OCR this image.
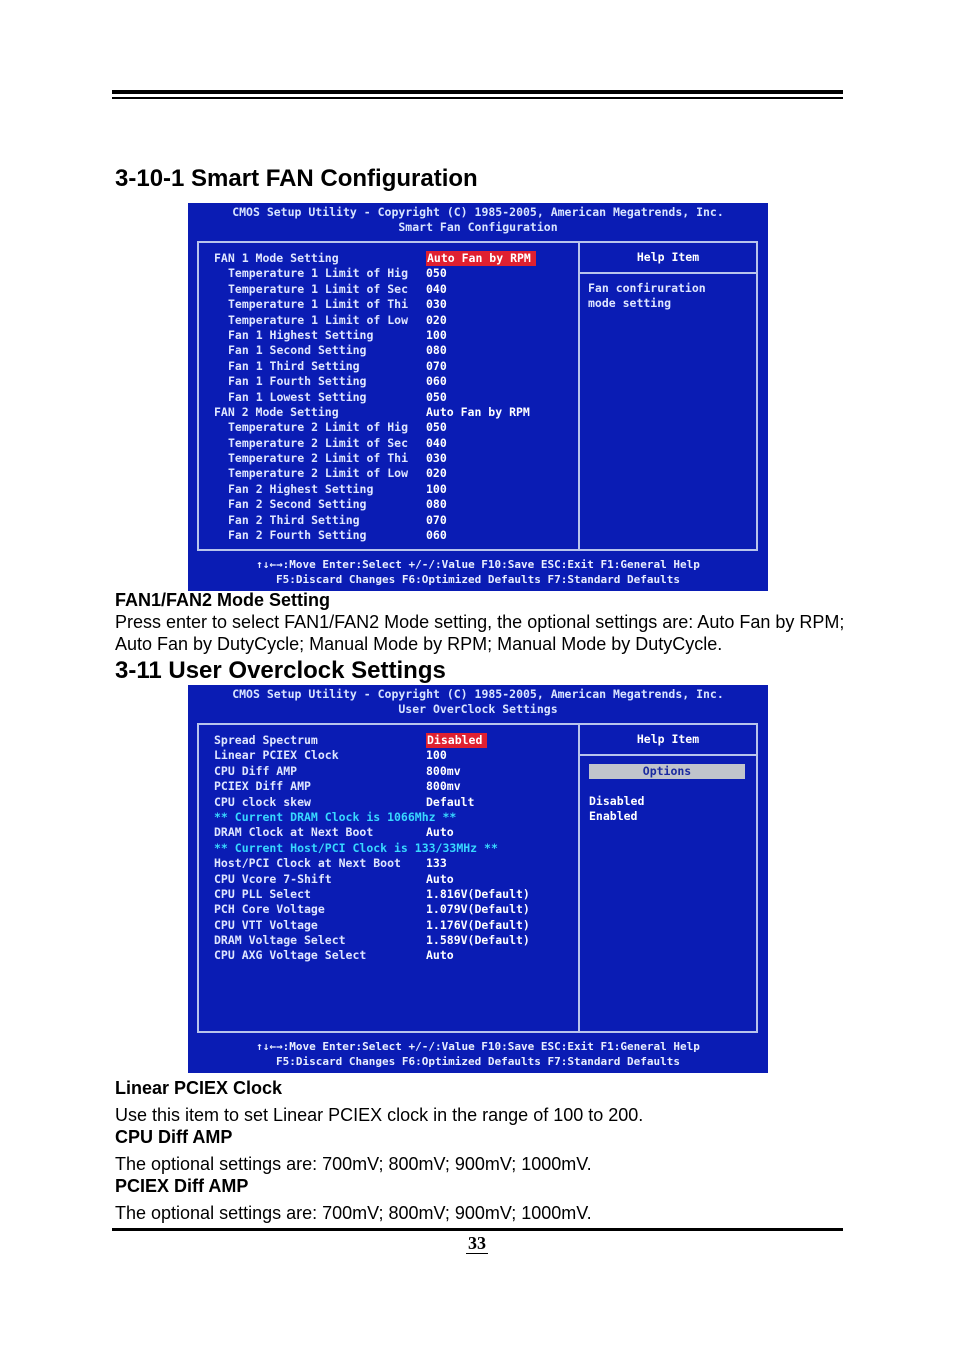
3-10-1 Smart FAN Configuration
CMOS Setup Utility - Copyright (C) 1985-2005, American Megatrends, Inc.
Smart Fan Configuration
Help Item
Fan confiruration
mode setting
FAN 1 Mode Setting	Auto Fan by RPM
Temperature 1 Limit of Hig 050
Temperature 1 Limit of Sec 040
Temperature 1 Limit of Thi 030
Temperature 1 Limit of Low 020
Fan 1 Highest Setting	100
Fan 1 Second Setting	080
Fan 1 Third Setting	070
Fan 1 Fourth Setting	060
Fan 1 Lowest Setting	050
FAN 2 Mode Setting	Auto Fan by RPM
Temperature 2 Limit of Hig 050
Temperature 2 Limit of Sec 040
Temperature 2 Limit of Thi 030
Temperature 2 Limit of Low 020
Fan 2 Highest Setting	100
Fan 2 Second Setting	080
Fan 2 Third Setting	070
Fan 2 Fourth Setting	060
↑↓←→:Move Enter:Select +/-/:Value F10:Save ESC:Exit F1:General Help
F5:Discard Changes F6:Optimized Defaults F7:Standard Defaults
FAN1/FAN2 Mode Setting

Press enter to select FAN1/FAN2 Mode setting, the optional settings are: Auto Fan by RPM; Auto Fan by DutyCycle; Manual Mode by RPM; Manual Mode by DutyCycle.

3-11 User Overclock Settings
CMOS Setup Utility - Copyright (C) 1985-2005, American Megatrends, Inc.
User OverClock Settings
Help Item
Options
Disabled
Enabled
Spread Spectrum	Disabled
Linear PCIEX Clock	100
CPU Diff AMP	800mv
PCIEX Diff AMP	800mv
CPU clock skew	Default
** Current DRAM Clock is 1066Mhz **
DRAM Clock at Next Boot	Auto
** Current Host/PCI Clock is 133/33MHz **
Host/PCI Clock at Next Boot 133
CPU Vcore 7-Shift	Auto
CPU PLL Select	1.816V(Default)
PCH Core Voltage	1.079V(Default)
CPU VTT Voltage	1.176V(Default)
DRAM Voltage Select	1.589V(Default)
CPU AXG Voltage Select	Auto
↑↓←→:Move Enter:Select +/-/:Value F10:Save ESC:Exit F1:General Help
F5:Discard Changes F6:Optimized Defaults F7:Standard Defaults
Linear PCIEX Clock

Use this item to set Linear PCIEX clock in the range of 100 to 200.

CPU Diff AMP

The optional settings are: 700mV; 800mV; 900mV; 1000mV.

PCIEX Diff AMP

The optional settings are: 700mV; 800mV; 900mV; 1000mV.

33
